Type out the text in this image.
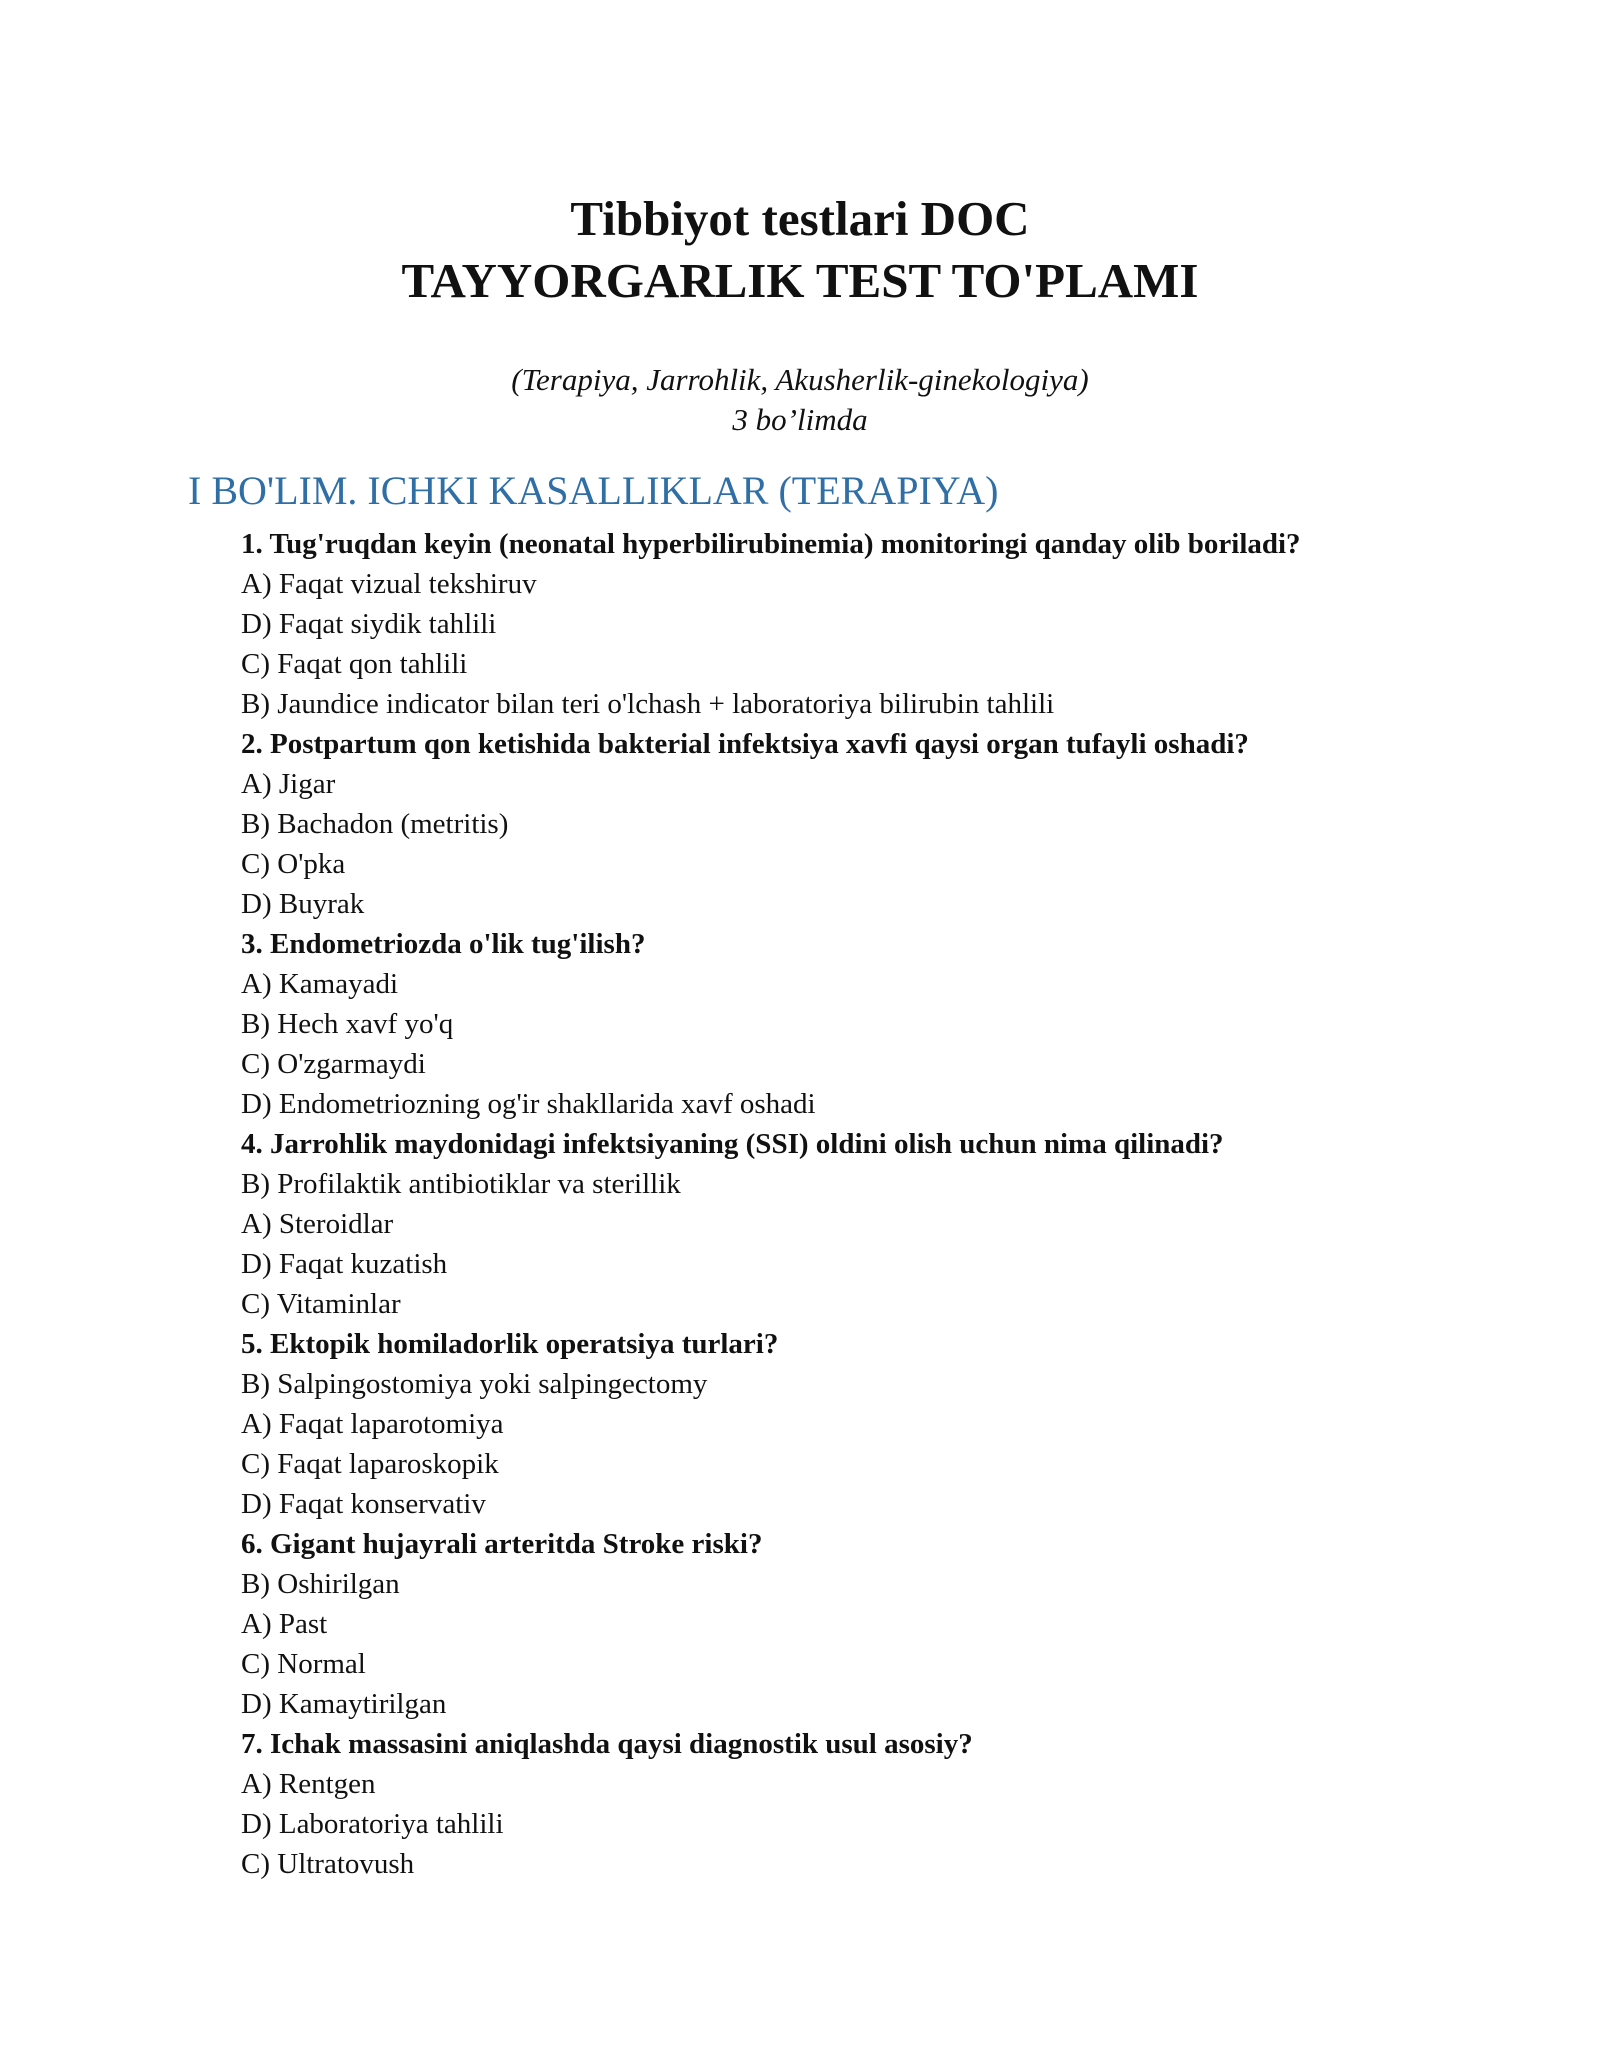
Tibbiyot testlari DOC
TAYYORGARLIK TEST TO'PLAMI
(Terapiya, Jarrohlik, Akusherlik-ginekologiya)
3 bo’limda
I BO'LIM. ICHKI KASALLIKLAR (TERAPIYA)
1. Tug'ruqdan keyin (neonatal hyperbilirubinemia) monitoringi qanday olib boriladi?
A) Faqat vizual tekshiruv
D) Faqat siydik tahlili
C) Faqat qon tahlili
B) Jaundice indicator bilan teri o'lchash + laboratoriya bilirubin tahlili
2. Postpartum qon ketishida bakterial infektsiya xavfi qaysi organ tufayli oshadi?
A) Jigar
B) Bachadon (metritis)
C) O'pka
D) Buyrak
3. Endometriozda o'lik tug'ilish?
A) Kamayadi
B) Hech xavf yo'q
C) O'zgarmaydi
D) Endometriozning og'ir shakllarida xavf oshadi
4. Jarrohlik maydonidagi infektsiyaning (SSI) oldini olish uchun nima qilinadi?
B) Profilaktik antibiotiklar va sterillik
A) Steroidlar
D) Faqat kuzatish
C) Vitaminlar
5. Ektopik homiladorlik operatsiya turlari?
B) Salpingostomiya yoki salpingectomy
A) Faqat laparotomiya
C) Faqat laparoskopik
D) Faqat konservativ
6. Gigant hujayrali arteritda Stroke riski?
B) Oshirilgan
A) Past
C) Normal
D) Kamaytirilgan
7. Ichak massasini aniqlashda qaysi diagnostik usul asosiy?
A) Rentgen
D) Laboratoriya tahlili
C) Ultratovush
